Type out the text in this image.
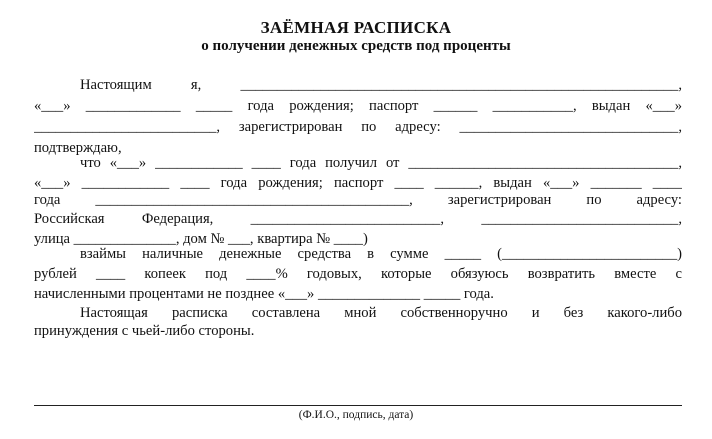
ЗАЁМНАЯ РАСПИСКА
о получении денежных средств под проценты
Настоящим я, ____________________________________________________________,
«___» _____________ _____ года рождения; паспорт ______ ___________, выдан «___»
_________________________, зарегистрирован по адресу: ______________________________,
подтверждаю,
что «___» ____________ ____ года получил от _____________________________________,
«___» ____________ ____ года рождения; паспорт ____ ______, выдан «___» _______ ____
года ___________________________________________, зарегистрирован по адресу:
Российская Федерация, __________________________, ___________________________,
улица ______________, дом № ___, квартира № ____)
взаймы наличные денежные средства в сумме _____ (________________________)
рублей ____ копеек под ____% годовых, которые обязуюсь возвратить вместе с
начисленными процентами не позднее «___» ______________ _____ года.
Настоящая расписка составлена мной собственноручно и без какого-либо
принуждения с чьей-либо стороны.
(Ф.И.О., подпись, дата)
